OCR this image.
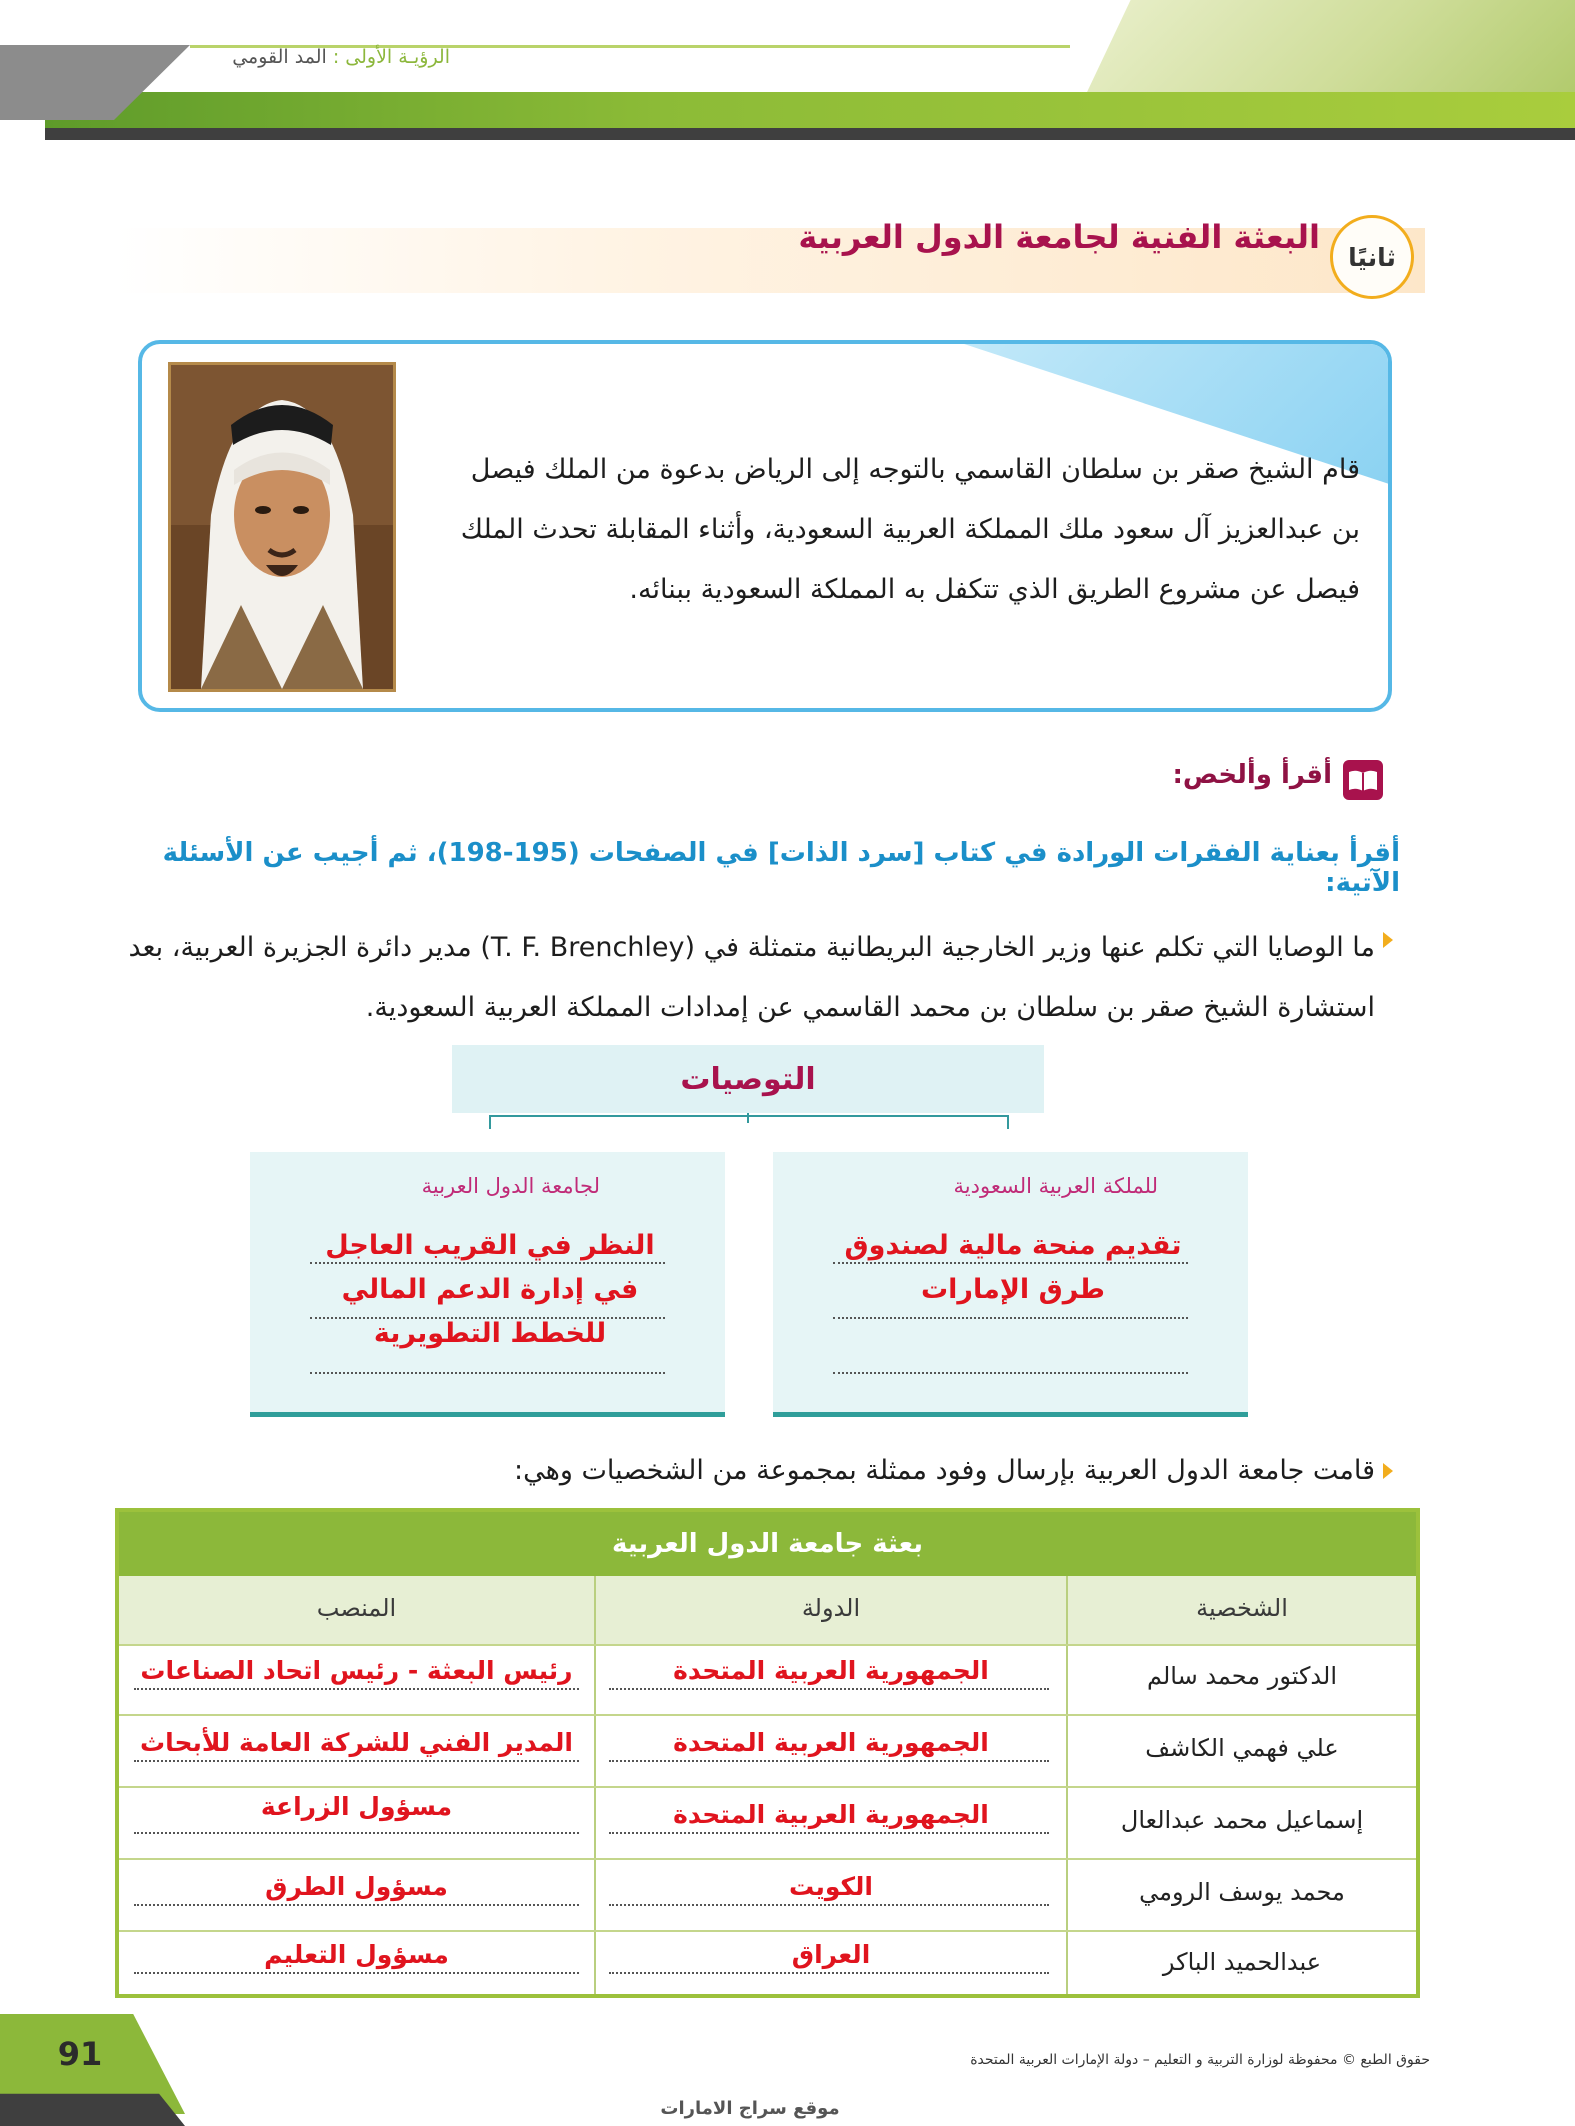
الرؤيـة الأولى : المد القومي
ثانيًا
البعثة الفنية لجامعة الدول العربية
قام الشيخ صقر بن سلطان القاسمي بالتوجه إلى الرياض بدعوة من الملك فيصل بن عبدالعزيز آل سعود ملك المملكة العربية السعودية، وأثناء المقابلة تحدث الملك فيصل عن مشروع الطريق الذي تتكفل به المملكة السعودية ببنائه.
أقرأ وألخص:
أقرأ بعناية الفقرات الورادة في كتاب [سرد الذات] في الصفحات (195-198)، ثم أجيب عن الأسئلة الآتية:
ما الوصايا التي تكلم عنها وزير الخارجية البريطانية متمثلة في (T. F. Brenchley) مدير دائرة الجزيرة العربية، بعد استشارة الشيخ صقر بن سلطان بن محمد القاسمي عن إمدادات المملكة العربية السعودية.
التوصيات
للملكة العربية السعودية
تقديم منحة مالية لصندوق طرق الإمارات
لجامعة الدول العربية
النظر في القريب العاجل في إدارة الدعم المالي للخطط التطويرية
قامت جامعة الدول العربية بإرسال وفود ممثلة بمجموعة من الشخصيات وهي:
بعثة جامعة الدول العربية
الشخصية
الدولة
المنصب
الدكتور محمد سالم
الجمهورية العربية المتحدة
رئيس البعثة - رئيس اتحاد الصناعات
علي فهمي الكاشف
الجمهورية العربية المتحدة
المدير الفني للشركة العامة للأبحاث
إسماعيل محمد عبدالعال
الجمهورية العربية المتحدة
مسؤول الزراعة
محمد يوسف الرومي
الكويت
مسؤول الطرق
عبدالحميد الباكر
العراق
مسؤول التعليم
91	حقوق الطبع © محفوظة لوزارة التربية و التعليم – دولة الإمارات العربية المتحدة
موقع سراج الامارات
